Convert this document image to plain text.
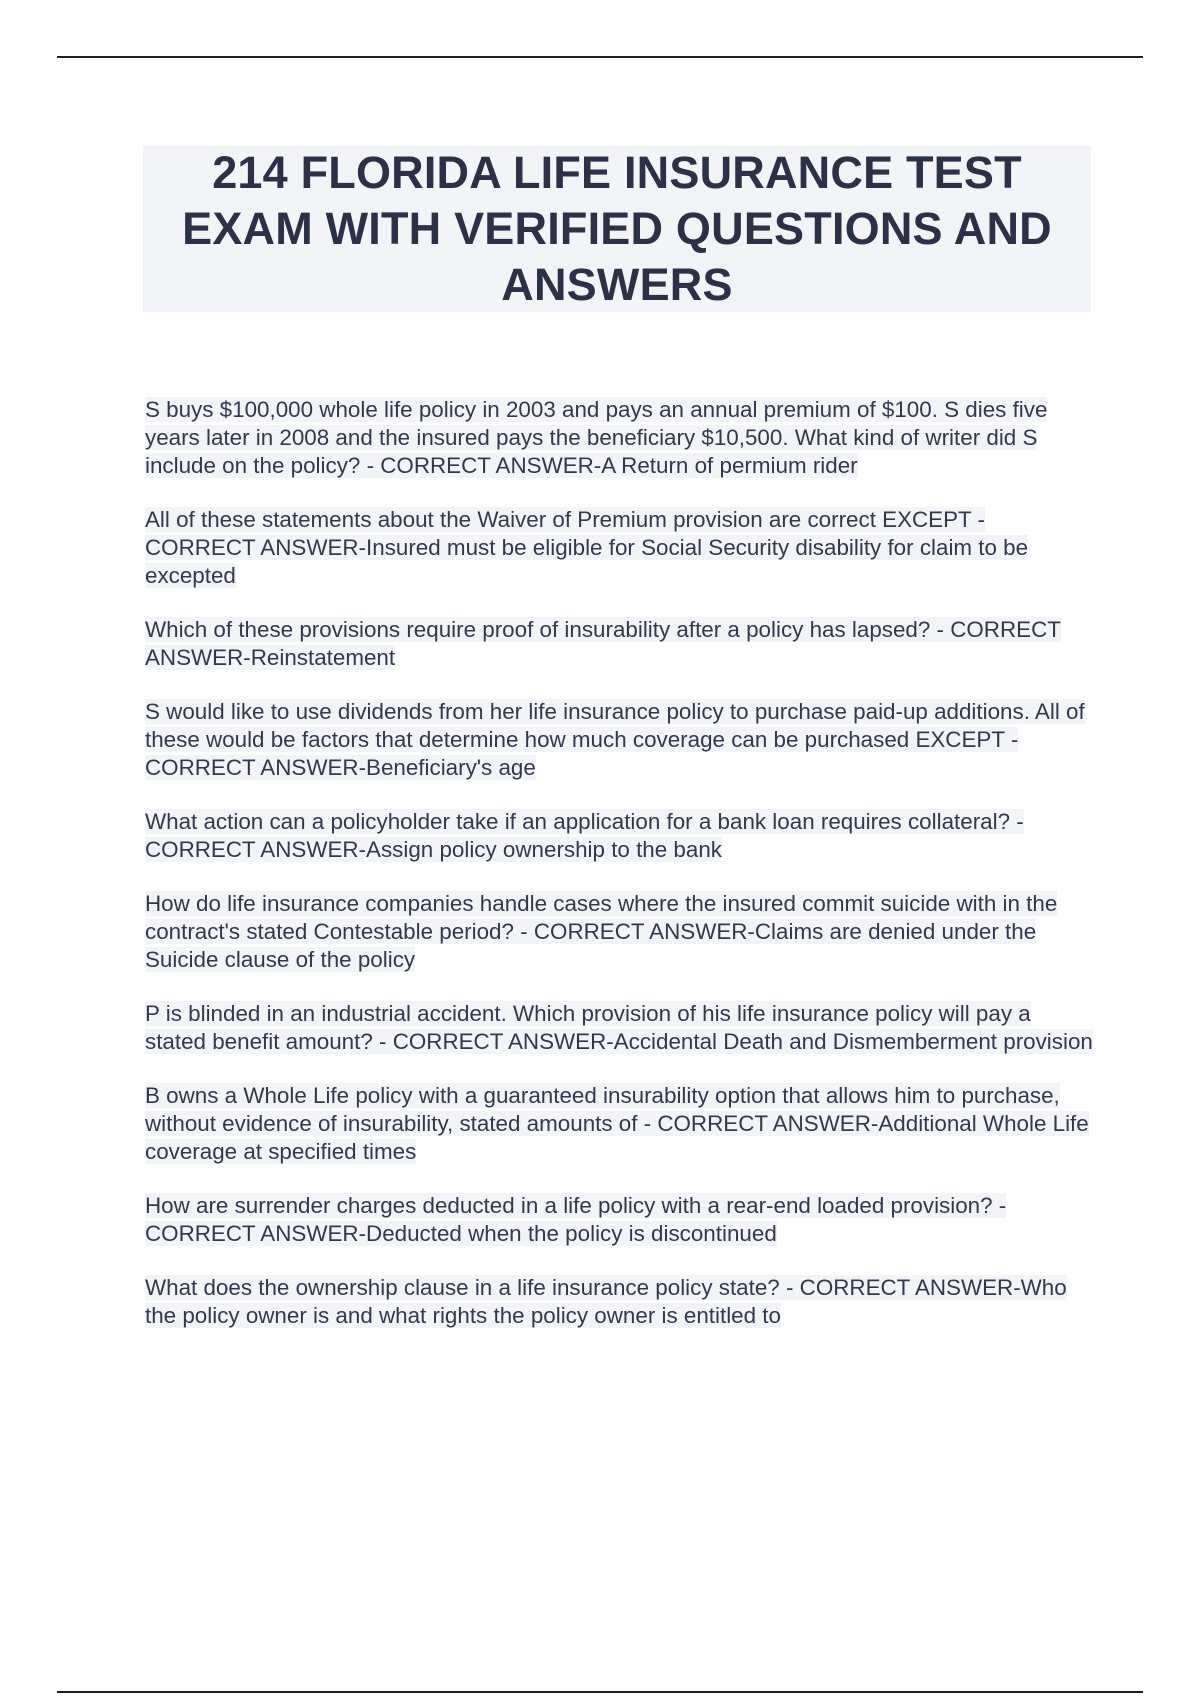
214 FLORIDA LIFE INSURANCE TEST EXAM WITH VERIFIED QUESTIONS AND ANSWERS
S buys $100,000 whole life policy in 2003 and pays an annual premium of $100. S dies five years later in 2008 and the insured pays the beneficiary $10,500. What kind of writer did S include on the policy? - CORRECT ANSWER-A Return of permium rider
All of these statements about the Waiver of Premium provision are correct EXCEPT - CORRECT ANSWER-Insured must be eligible for Social Security disability for claim to be excepted
Which of these provisions require proof of insurability after a policy has lapsed? - CORRECT ANSWER-Reinstatement
S would like to use dividends from her life insurance policy to purchase paid-up additions. All of these would be factors that determine how much coverage can be purchased EXCEPT - CORRECT ANSWER-Beneficiary's age
What action can a policyholder take if an application for a bank loan requires collateral? - CORRECT ANSWER-Assign policy ownership to the bank
How do life insurance companies handle cases where the insured commit suicide with in the contract's stated Contestable period? - CORRECT ANSWER-Claims are denied under the Suicide clause of the policy
P is blinded in an industrial accident. Which provision of his life insurance policy will pay a stated benefit amount? - CORRECT ANSWER-Accidental Death and Dismemberment provision
B owns a Whole Life policy with a guaranteed insurability option that allows him to purchase, without evidence of insurability, stated amounts of - CORRECT ANSWER-Additional Whole Life coverage at specified times
How are surrender charges deducted in a life policy with a rear-end loaded provision? - CORRECT ANSWER-Deducted when the policy is discontinued
What does the ownership clause in a life insurance policy state? - CORRECT ANSWER-Who the policy owner is and what rights the policy owner is entitled to
